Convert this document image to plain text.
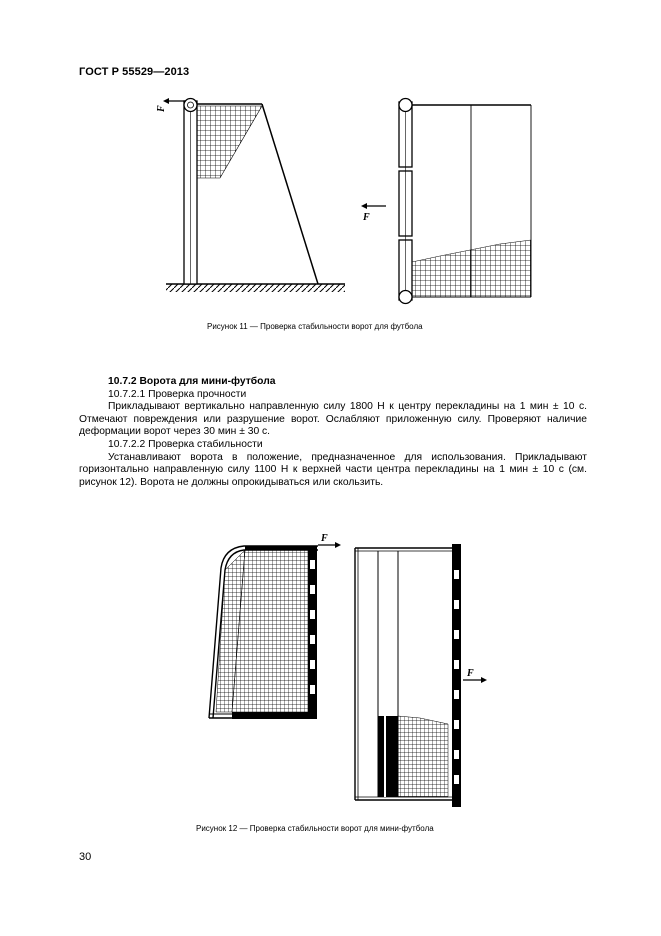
ГОСТ Р 55529—2013
F
F
Рисунок 11 — Проверка стабильности ворот для футбола

10.7.2 Ворота для мини-футбола

10.7.2.1 Проверка прочности

Прикладывают вертикально направленную силу 1800 Н к центру перекладины на 1 мин ± 10 с. Отмечают повреждения или разрушение ворот. Ослабляют приложенную силу. Проверяют наличие деформации ворот через 30 мин ± 30 с.

10.7.2.2 Проверка стабильности

Устанавливают ворота в положение, предназначенное для использования. Прикладывают горизонтально направленную силу 1100 Н к верхней части центра перекладины на 1 мин ± 10 с (см. рисунок 12). Ворота не должны опрокидываться или скользить.

F
F
Рисунок 12 — Проверка стабильности ворот для мини-футбола
30
